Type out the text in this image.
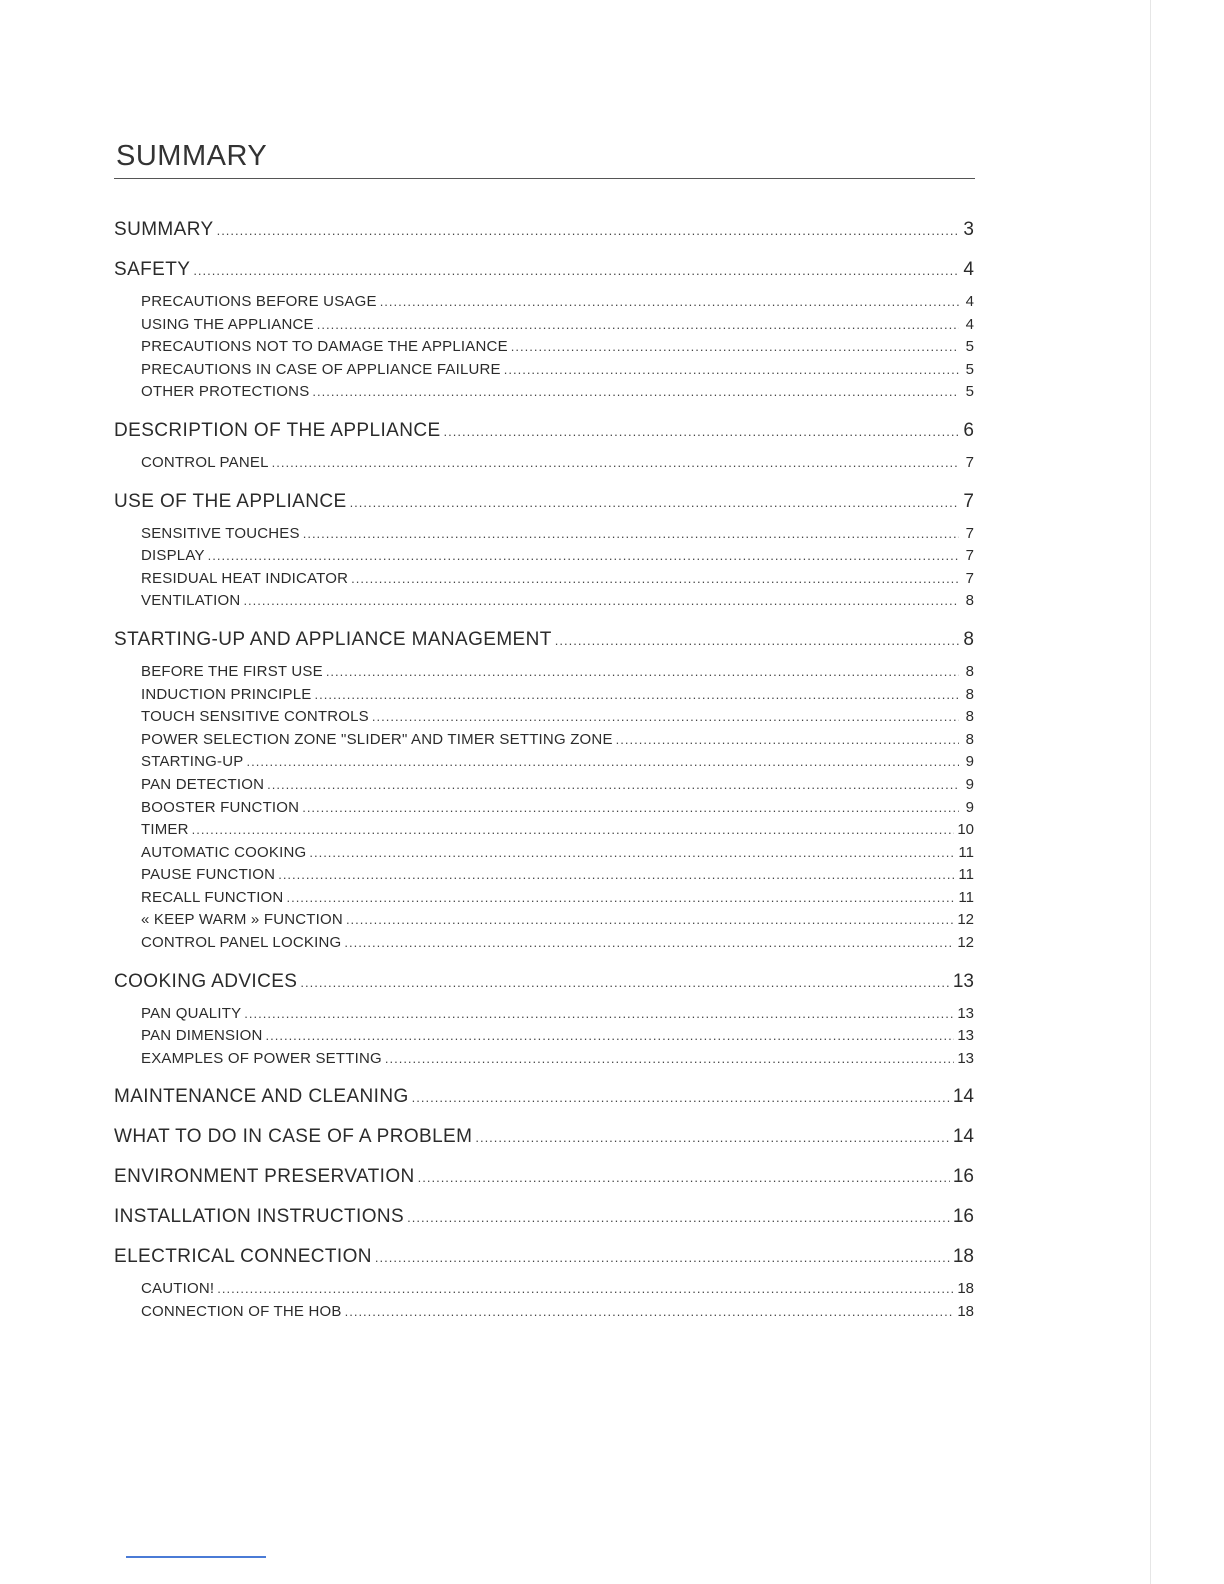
SUMMARY
SUMMARY .....	3
SAFETY .....	4
PRECAUTIONS BEFORE USAGE .....	4
USING THE APPLIANCE .....	4
PRECAUTIONS NOT TO DAMAGE THE APPLIANCE .....	5
PRECAUTIONS IN CASE OF APPLIANCE FAILURE .....	5
OTHER PROTECTIONS .....	5
DESCRIPTION OF THE APPLIANCE .....	6
CONTROL PANEL .....	7
USE OF THE APPLIANCE .....	7
SENSITIVE TOUCHES .....	7
DISPLAY .....	7
RESIDUAL HEAT INDICATOR .....	7
VENTILATION .....	8
STARTING-UP AND APPLIANCE MANAGEMENT .....	8
BEFORE THE FIRST USE .....	8
INDUCTION PRINCIPLE .....	8
TOUCH SENSITIVE CONTROLS .....	8
POWER SELECTION ZONE "SLIDER" AND TIMER SETTING ZONE .....	8
STARTING-UP .....	9
PAN DETECTION .....	9
BOOSTER FUNCTION .....	9
TIMER .....	10
AUTOMATIC COOKING .....	11
PAUSE FUNCTION .....	11
RECALL FUNCTION .....	11
« KEEP WARM » FUNCTION .....	12
CONTROL PANEL LOCKING .....	12
COOKING ADVICES .....	13
PAN QUALITY .....	13
PAN DIMENSION .....	13
EXAMPLES OF POWER SETTING .....	13
MAINTENANCE AND CLEANING .....	14
WHAT TO DO IN CASE OF A PROBLEM .....	14
ENVIRONMENT PRESERVATION .....	16
INSTALLATION INSTRUCTIONS .....	16
ELECTRICAL CONNECTION .....	18
CAUTION! .....	18
CONNECTION OF THE HOB .....	18
